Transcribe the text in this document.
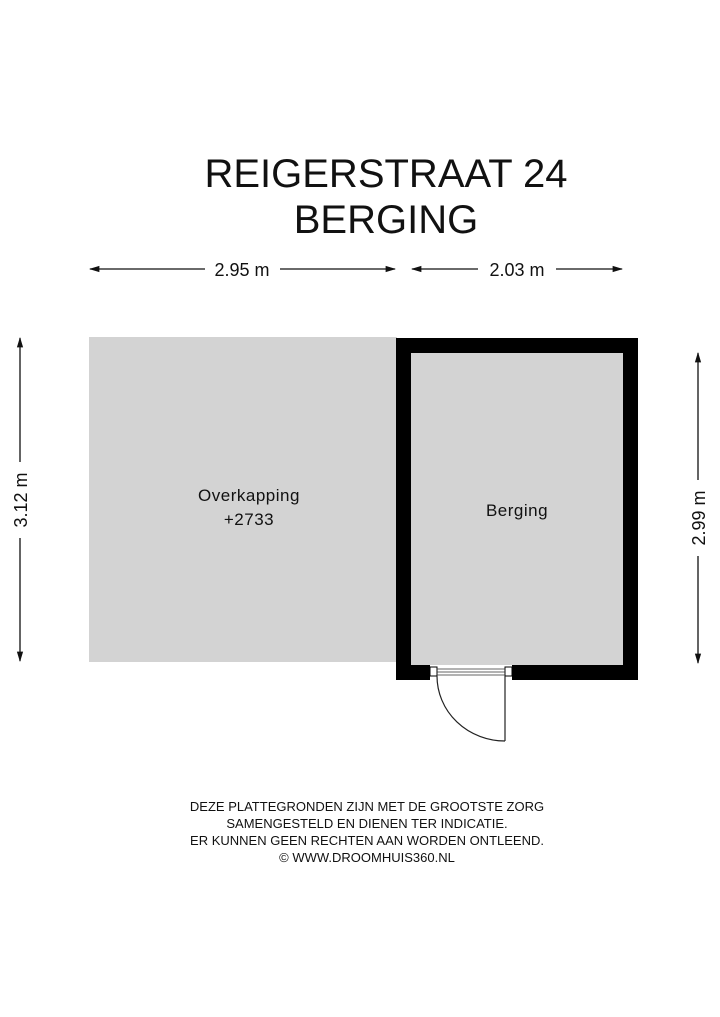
REIGERSTRAAT 24
BERGING
2.95 m	2.03 m
3.12 m	2.99 m
Overkapping
+2733	Berging
DEZE PLATTEGRONDEN ZIJN MET DE GROOTSTE ZORG
SAMENGESTELD EN DIENEN TER INDICATIE.
ER KUNNEN GEEN RECHTEN AAN WORDEN ONTLEEND.
© WWW.DROOMHUIS360.NL
